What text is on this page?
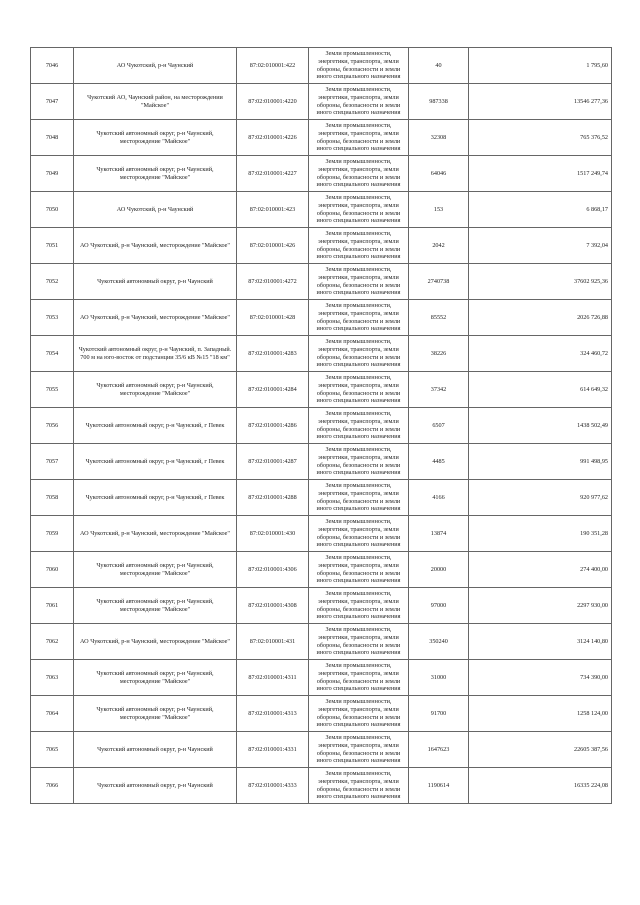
7046	АО Чукотский, р-н Чаунский	87:02:010001:422	Земли промышленности,
энергетики, транспорта, земли
обороны, безопасности и земли
иного специального назначения	40	1 795,60
7047	Чукотский АО, Чаунский район, на месторождении "Майское"	87:02:010001:4220	Земли промышленности,
энергетики, транспорта, земли
обороны, безопасности и земли
иного специального назначения	987338	13546 277,36
7048	Чукотский автономный округ, р-н Чаунский, месторождение "Майское"	87:02:010001:4226	Земли промышленности,
энергетики, транспорта, земли
обороны, безопасности и земли
иного специального назначения	32308	765 376,52
7049	Чукотский автономный округ, р-н Чаунский, месторождение "Майское"	87:02:010001:4227	Земли промышленности,
энергетики, транспорта, земли
обороны, безопасности и земли
иного специального назначения	64046	1517 249,74
7050	АО Чукотский, р-н Чаунский	87:02:010001:423	Земли промышленности,
энергетики, транспорта, земли
обороны, безопасности и земли
иного специального назначения	153	6 868,17
7051	АО Чукотский, р-н Чаунский, месторождение "Майское"	87:02:010001:426	Земли промышленности,
энергетики, транспорта, земли
обороны, безопасности и земли
иного специального назначения	2042	7 392,04
7052	Чукотский автономный округ, р-н Чаунский	87:02:010001:4272	Земли промышленности,
энергетики, транспорта, земли
обороны, безопасности и земли
иного специального назначения	2740738	37602 925,36
7053	АО Чукотский, р-н Чаунский, месторождение "Майское"	87:02:010001:428	Земли промышленности,
энергетики, транспорта, земли
обороны, безопасности и земли
иного специального назначения	85552	2026 726,88
7054	Чукотский автономный округ, р-н Чаунский, п. Западный. 700 м на юго-восток от подстанции 35/6 кВ №15 "18 км"	87:02:010001:4283	Земли промышленности,
энергетики, транспорта, земли
обороны, безопасности и земли
иного специального назначения	38226	324 460,72
7055	Чукотский автономный округ, р-н Чаунский, месторождение "Майское"	87:02:010001:4284	Земли промышленности,
энергетики, транспорта, земли
обороны, безопасности и земли
иного специального назначения	37342	614 649,32
7056	Чукотский автономный округ, р-н Чаунский, г Певек	87:02:010001:4286	Земли промышленности,
энергетики, транспорта, земли
обороны, безопасности и земли
иного специального назначения	6507	1438 502,49
7057	Чукотский автономный округ, р-н Чаунский, г Певек	87:02:010001:4287	Земли промышленности,
энергетики, транспорта, земли
обороны, безопасности и земли
иного специального назначения	4485	991 498,95
7058	Чукотский автономный округ, р-н Чаунский, г Певек	87:02:010001:4288	Земли промышленности,
энергетики, транспорта, земли
обороны, безопасности и земли
иного специального назначения	4166	920 977,62
7059	АО Чукотский, р-н Чаунский, месторождение "Майское"	87:02:010001:430	Земли промышленности,
энергетики, транспорта, земли
обороны, безопасности и земли
иного специального назначения	13874	190 351,28
7060	Чукотский автономный округ, р-н Чаунский, месторождение "Майское"	87:02:010001:4306	Земли промышленности,
энергетики, транспорта, земли
обороны, безопасности и земли
иного специального назначения	20000	274 400,00
7061	Чукотский автономный округ, р-н Чаунский, месторождение "Майское"	87:02:010001:4308	Земли промышленности,
энергетики, транспорта, земли
обороны, безопасности и земли
иного специального назначения	97000	2297 930,00
7062	АО Чукотский, р-н Чаунский, месторождение "Майское"	87:02:010001:431	Земли промышленности,
энергетики, транспорта, земли
обороны, безопасности и земли
иного специального назначения	350240	3124 140,80
7063	Чукотский автономный округ, р-н Чаунский, месторождение "Майское"	87:02:010001:4311	Земли промышленности,
энергетики, транспорта, земли
обороны, безопасности и земли
иного специального назначения	31000	734 390,00
7064	Чукотский автономный округ, р-н Чаунский, месторождение "Майское"	87:02:010001:4313	Земли промышленности,
энергетики, транспорта, земли
обороны, безопасности и земли
иного специального назначения	91700	1258 124,00
7065	Чукотский автономный округ, р-н Чаунский	87:02:010001:4331	Земли промышленности,
энергетики, транспорта, земли
обороны, безопасности и земли
иного специального назначения	1647623	22605 387,56
7066	Чукотский автономный округ, р-н Чаунский	87:02:010001:4333	Земли промышленности,
энергетики, транспорта, земли
обороны, безопасности и земли
иного специального назначения	1190614	16335 224,08
